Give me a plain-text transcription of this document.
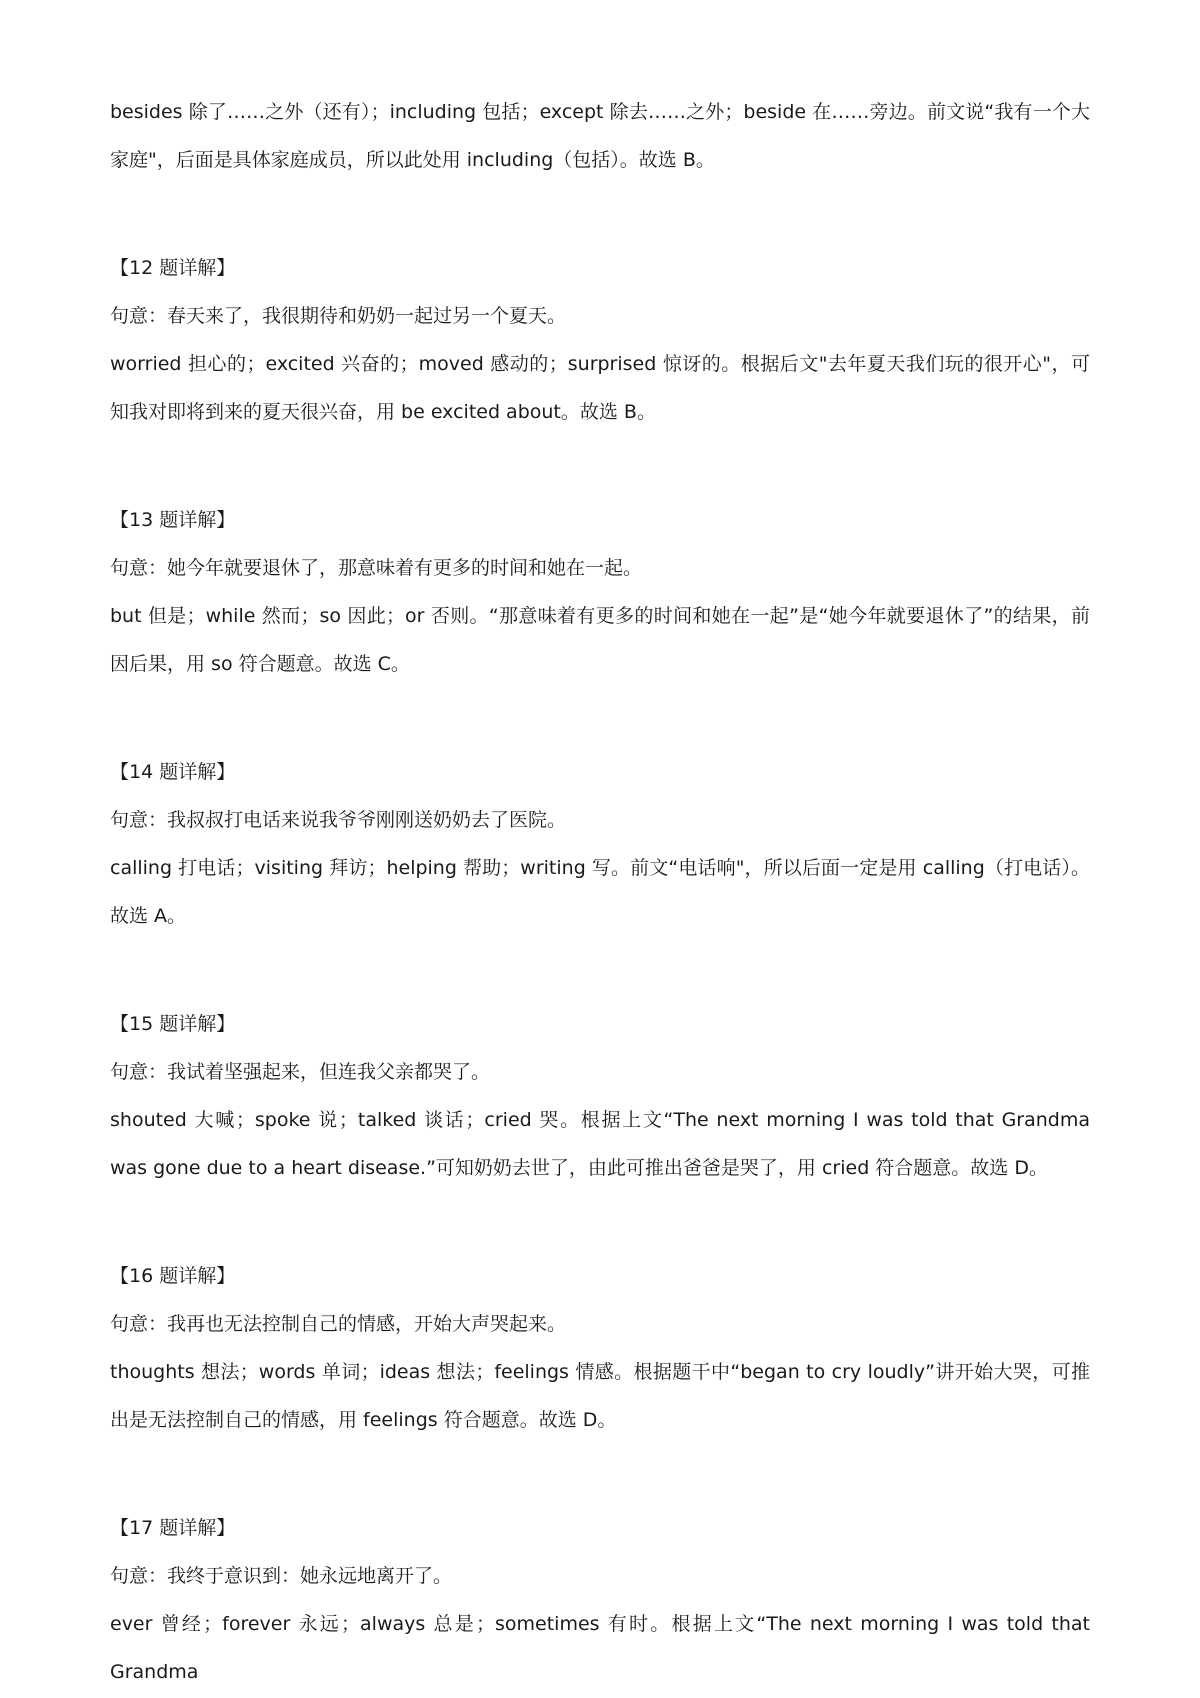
besides 除了……之外（还有）；including 包括；except 除去……之外；beside 在……旁边。前文说“我有一个大家庭"，后面是具体家庭成员，所以此处用 including（包括）。故选 B。

【12 题详解】

句意：春天来了，我很期待和奶奶一起过另一个夏天。

worried 担心的；excited 兴奋的；moved 感动的；surprised 惊讶的。根据后文"去年夏天我们玩的很开心"，可知我对即将到来的夏天很兴奋，用 be excited about。故选 B。

【13 题详解】

句意：她今年就要退休了，那意味着有更多的时间和她在一起。

but 但是；while 然而；so 因此；or 否则。“那意味着有更多的时间和她在一起”是“她今年就要退休了”的结果，前因后果，用 so 符合题意。故选 C。

【14 题详解】

句意：我叔叔打电话来说我爷爷刚刚送奶奶去了医院。

calling 打电话；visiting 拜访；helping 帮助；writing 写。前文“电话响"，所以后面一定是用 calling（打电话）。故选 A。

【15 题详解】

句意：我试着坚强起来，但连我父亲都哭了。

shouted 大喊；spoke 说；talked 谈话；cried 哭。根据上文“The next morning I was told that Grandma was gone due to a heart disease.”可知奶奶去世了，由此可推出爸爸是哭了，用 cried 符合题意。故选 D。

【16 题详解】

句意：我再也无法控制自己的情感，开始大声哭起来。

thoughts 想法；words 单词；ideas 想法；feelings 情感。根据题干中“began to cry loudly”讲开始大哭，可推出是无法控制自己的情感，用 feelings 符合题意。故选 D。

【17 题详解】

句意：我终于意识到：她永远地离开了。

ever 曾经；forever 永远；always 总是；sometimes 有时。根据上文“The next morning I was told that Grandma
